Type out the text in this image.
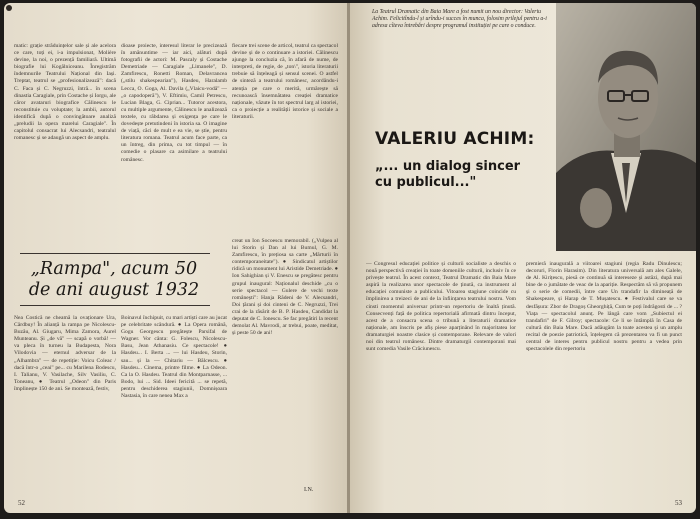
matic: grație străduințelor sale și ale acelora ce care, toți ei, i-a impulsionat, Molière devine, la noi, o prezență familiară. Ultimă biografie lui Kogălniceanu. Înregistrăm îndemnurile Teatrului Național din Iași. Treptat, teatrul se „profesionalizează": dacă C. Faca și C. Negruzzi, întră... în scena dinastia Caragiale, prin Costache și Iorgu, ale căror avataruri biografice Călinescu le reconstituie cu voluptate; la ambii, autorul identifică după o convingătoare analiză „preludii la opera marelui Caragiale". În capitolul consacrat lui Alecsandri, teatralul romanesc și se adaugă un aspect de amplu.

dioase proiecte, interesul literar le precizează în amănuntime — iar aici, alături după fotografii de actori: M. Pascaly și Costache Demetriade — Caragiale „Limanele", D. Zamfirescu, Ronetti Roman, Delavrancea („stilu shakespearian"), Hasdeu, Haralamb Lecca, O. Goga, Al. Davila („Vlaicu-vodă" — „o capodoperă"), V. Eftimiu, Camil Petrescu, Lucian Blaga, G. Ciprian... Tutoror acestora, cu multiple argumente, Călinescu le analizează textele, cu răbdarea și exigența pe care le dovedește pretutindeni în istoria sa. O imagine de viață, căci de mult e ea vie, se știe, pentru literatura romana. Teatrul acum face parte, ca un întreg, din prima, cu tot timpul — în comedie o plasare ca asimilare a teatrului românesc.

fiecare trei scene de articol, teatrul ca spectacol devine și de o continuare a istoriei. Călinescu ajunge la concluzia că, în afară de nume, de interpreti, de regie, de „ton\", istoria literaturii trebuie să înțeleagă și sensul scenei. O astfel de sinteză a teatrului românesc, acordându-i atenția pe care o merită, urmărește să recunoască însemnătatea creației dramatice naționale, văzute în tot spectrul larg al istoriei, ca o proiecție a realității istorice și sociale a literaturii.

„Rampa", acum 50 de ani august 1932

creat un Ion Socoescu memorabil. („Vulpea al lui Storin și Dan al lui Bumul, G. M. Zamfirescu, în prețiosa sa carte „Mărturii în contemporaneitate"). ● Sindicatul artiștilor ridică un monument lui Aristide Demetriade. ● Ion Sahighian și V. Enescu se pregătesc pentru grupul inaugural: Naționalul deschide „cu o serie spectacol — Gulere de vechi texte românești": Hanja Rădeni de V. Alecsandri, Doi țărani și doi cinteni de C. Negruzzi, Trei crai de la răsărit de B. P. Hasdeu, Candidat la deputat de C. Ionescu. Se fac pregătiri la recent demolat Al. Mavrodi, ar trebui, poate, meditat, și peste 50 de ani!

Nea Costică ne cheamă la ovaționare Ura, Cârdbuy! În alianță la rampa pe Nicolescu-Buzău, Al. Giugaru, Mima Zamora, Aurel Munteanu. Și „de vă" — scapă o vorbă! — va pleca în turneu la Budapesta, Nora Vilodovia — eternul adversar de la „Alhambra" — de repetiție: Voicu Coleac / dacă într-o „ceai" pe... cu Marilena Bodescu, I. Talianu, V. Vasilache, Silv Vasiliu, C. Toneanu, ● Teatrul „Odeon" din Paris împlinește 150 de ani. Se montează, festiv,

Boinavul închipuit, cu mari artiști care au jucat pe celebritate scândură. ● La Opera română, Gogu Georgescu pregătește Parsifal de Wagner. Vor cânta: G. Folescu, Nicolescu-Basu, Jean Athanasiu. Ce spectacole! ● Hasdeu... I. Berta ... — lui Hasdeu, Storin, sau... și la — Chitariu — Bălcescu. ● Hasdeu... Cinema, printre filme. ● La Odeon. Ca la O. Hasdeu. Teatrul din Montparnasse, ... Bodo, lui ... Sid. Ideei fericită ... se repetă, pentru deschiderea stagiunii, Domnișoara Nastasia, în care nenea Max a

I.N.
52
La Teatrul Dramatic din Baia Mare a fost numit un nou director: Valeriu Achim. Felicitîndu-l și urîndu-i succes în munca, folosim prilejul pentru a-i adresa cîteva întrebări despre programul instituției pe care o conduce.
VALERIU ACHIM:
„... un dialog sincer cu publicul..."

— Congresul educației politice și culturii socialiste a deschis o nouă perspectivă creației în toate domeniile culturii, inclusiv în ce privește teatrul. În acest context, Teatrul Dramatic din Baia Mare aspiră la realizarea unor spectacole de ținută, ca instrument al educației comuniste a publicului. Vitoarea stagiune coincide cu împlinirea a treizeci de ani de la înființarea teatrului nostru. Vom cinsti momentul aniversar printr-un repertoriu de înaltă ținută. Consecvenți față de politica repertorială afirmată dintru început, acest de a consacra scena o tribună a literaturii dramatice naționale, am înscris pe afiș piese aparținând în majoritatea lor dramaturgiei noastre clasice și contemporane. Relevare de valori noi din teatrul românesc. Dintre dramaturgii contemporani mai sunt comedia Vasile Crăciunescu.

premieră inaugurală a viitoarei stagiuni (regia Radu Dinulescu; decoruri, Florin Harasim). Din literatura universală am ales Galele, de Al. Kirițescu, piesă ce continuă să intereseze și astăzi, după mai bine de o jumătate de veac de la apariție. Respectăm să vă propunem și o serie de comedii, între care Un trandafir la dimineață de Shakespeare, și Harap de T. Mușatescu. ● Festivalul care se va desfășura: Zbor de Dragoș Gheorghiță, Cum te poți îndrăgosti de ... ? Viața — spectacolul anunț. Pe lângă care vom „Subiectul ei trandafiri" de F. Gilroy; spectacole: Ce li se întâmplă în Casa de cultură din Baia Mare. Dacă adăugăm la toate acestea și un amplu recital de poezie patriotică, înțelegem că prezentarea va fi un punct central de interes pentru publicul nostru pentru a vedea prin spectacolele din repertoriu

53
